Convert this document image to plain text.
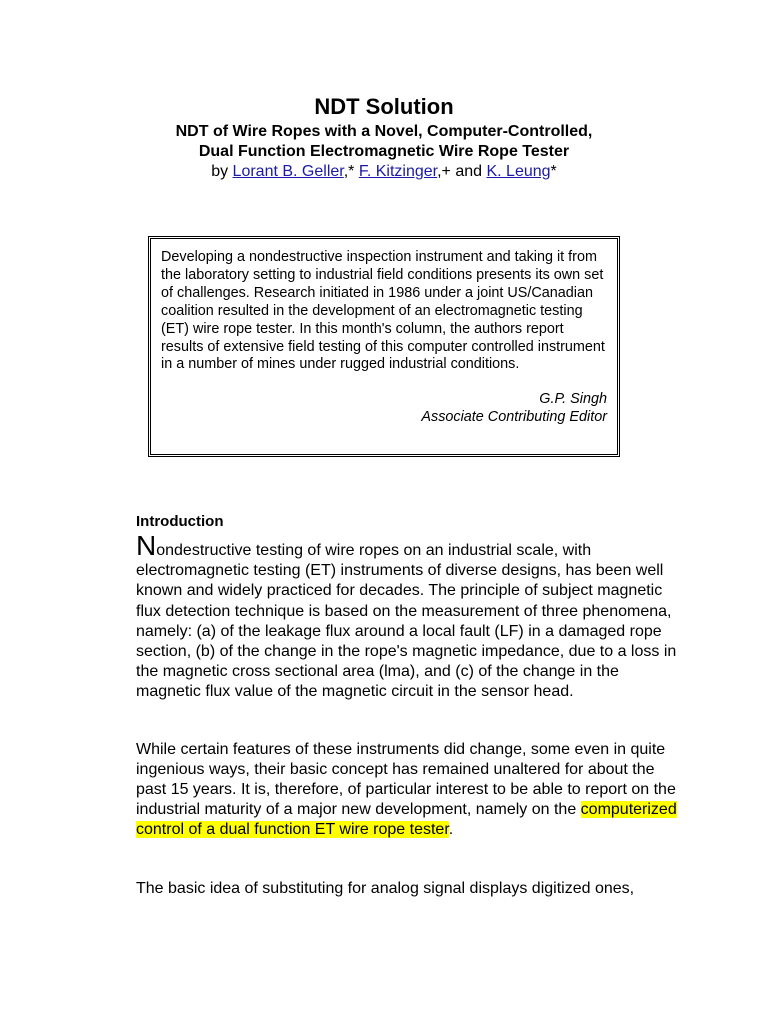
NDT Solution
NDT of Wire Ropes with a Novel, Computer-Controlled,
Dual Function Electromagnetic Wire Rope Tester
by Lorant B. Geller,* F. Kitzinger,+ and K. Leung*

Developing a nondestructive inspection instrument and taking it from the laboratory setting to industrial field conditions presents its own set of challenges. Research initiated in 1986 under a joint US/Canadian coalition resulted in the development of an electromagnetic testing (ET) wire rope tester. In this month's column, the authors report results of extensive field testing of this computer controlled instrument in a number of mines under rugged industrial conditions.

G.P. Singh
Associate Contributing Editor
Introduction

Nondestructive testing of wire ropes on an industrial scale, with electromagnetic testing (ET) instruments of diverse designs, has been well known and widely practiced for decades. The principle of subject magnetic flux detection technique is based on the measurement of three phenomena, namely: (a) of the leakage flux around a local fault (LF) in a damaged rope section, (b) of the change in the rope's magnetic impedance, due to a loss in the magnetic cross sectional area (lma), and (c) of the change in the magnetic flux value of the magnetic circuit in the sensor head.

While certain features of these instruments did change, some even in quite ingenious ways, their basic concept has remained unaltered for about the past 15 years. It is, therefore, of particular interest to be able to report on the industrial maturity of a major new development, namely on the computerized control of a dual function ET wire rope tester.

The basic idea of substituting for analog signal displays digitized ones,
